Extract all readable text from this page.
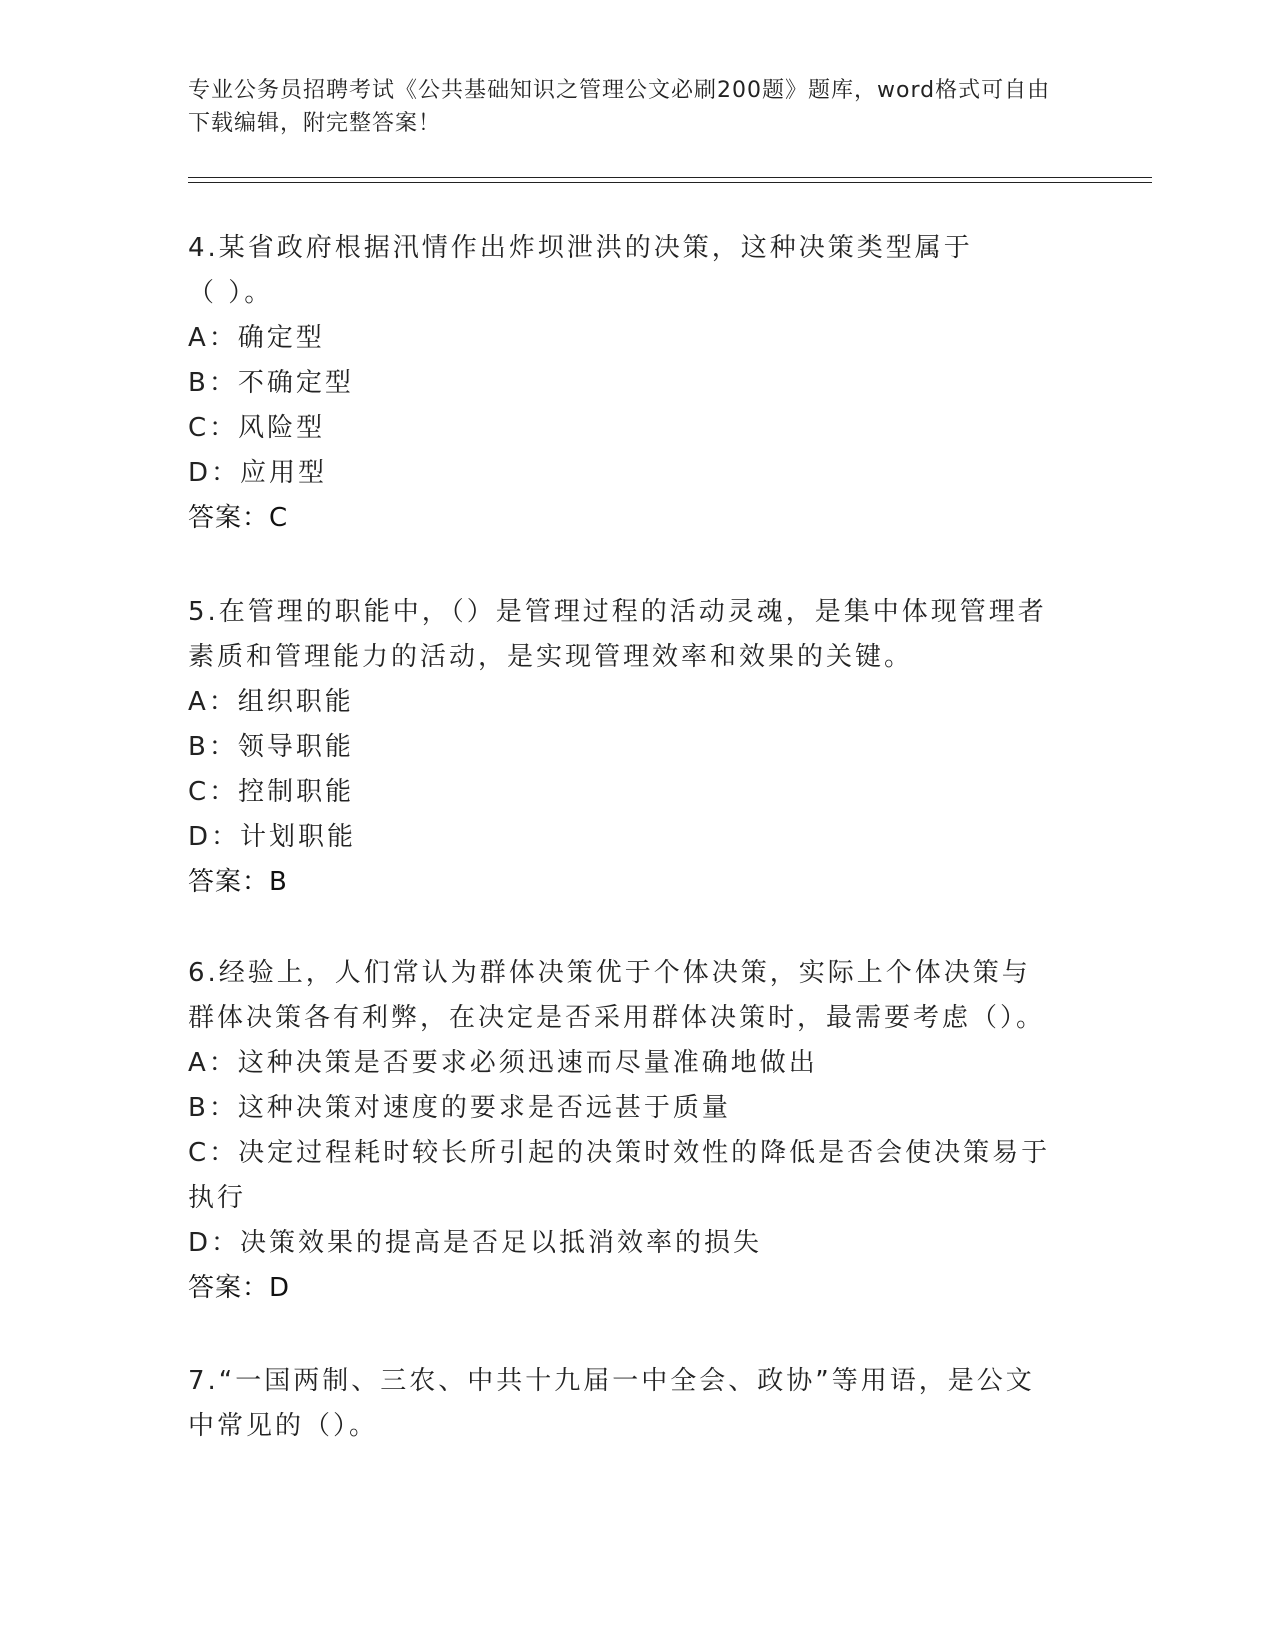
专业公务员招聘考试《公共基础知识之管理公文必刷200题》题库，word格式可自由下载编辑，附完整答案！
4.某省政府根据汛情作出炸坝泄洪的决策，这种决策类型属于（ ）。
A： 确定型
B： 不确定型
C： 风险型
D： 应用型
答案：C
5.在管理的职能中，（）是管理过程的活动灵魂，是集中体现管理者素质和管理能力的活动，是实现管理效率和效果的关键。
A： 组织职能
B： 领导职能
C： 控制职能
D： 计划职能
答案：B
6.经验上，人们常认为群体决策优于个体决策，实际上个体决策与群体决策各有利弊，在决定是否采用群体决策时，最需要考虑（）。
A： 这种决策是否要求必须迅速而尽量准确地做出
B： 这种决策对速度的要求是否远甚于质量
C：决定过程耗时较长所引起的决策时效性的降低是否会使决策易于执行
D： 决策效果的提高是否足以抵消效率的损失
答案：D
7.“一国两制、三农、中共十九届一中全会、政协”等用语，是公文中常见的（）。
